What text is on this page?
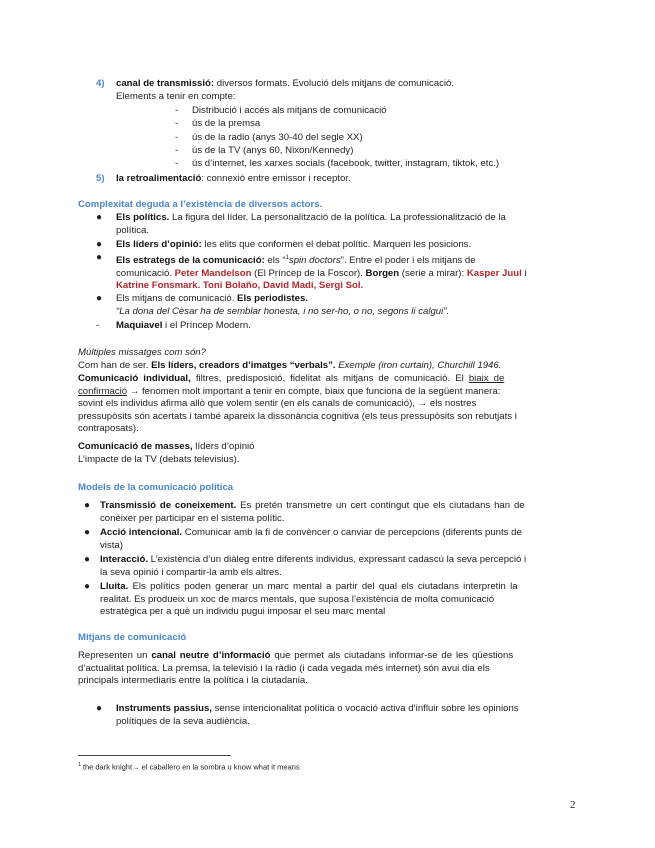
4) canal de transmissió: diversos formats. Evolució dels mitjans de comunicació.
Elements a tenir en compte:
- Distribució i accés als mitjans de comunicació
- ús de la premsa
- ús de la radio (anys 30-40 del segle XX)
- ús de la TV (anys 60, Nixon/Kennedy)
- ús d’internet, les xarxes socials (facebook, twitter, instagram, tiktok, etc.)
5) la retroalimentació: connexió entre emissor i receptor.
Complexitat deguda a l’existència de diversos actors.
● Els polítics. La figura del líder. La personalització de la política. La professionalització de la
política.
● Els líders d’opinió: les elits que conformen el debat polític. Marquen les posicions.
● Els estrategs de la comunicació: els “$^1$spin doctors”. Entre el poder i els mitjans de
comunicació. Peter Mandelson (El Príncep de la Foscor). Borgen (serie a mirar): Kasper Juul i
Katrine Fonsmark. Toni Bolaño, David Madí, Sergi Sol.
● Els mitjans de comunicació. Els periodistes.
“La dona del Cèsar ha de semblar honesta, i no ser-ho, o no, segons li calgui”.
- Maquiavel i el Príncep Modern.
Múltiples missatges com són?
Com han de ser. Els líders, creadors d’imatges “verbals”. Exemple (iron curtain), Churchill 1946.
Comunicació individual, filtres, predisposició, fidelitat als mitjans de comunicació. El biaix de
confirmació → fenomen molt important a tenir en compte, biaix que funciona de la següent manera:
sovint els individus afirma allò que volem sentir (en els canals de comunicació), → els nostres
pressupòsits són acertats i també apareix la dissonància cognitiva (els teus pressupòsits son rebutjats i
contraposats).
Comunicació de masses, líders d’opinió
L’impacte de la TV (debats televisius).
Models de la comunicació política
● Transmissió de coneixement. Es pretén transmetre un cert contingut que els ciutadans han de
conèixer per participar en el sistema polític.
● Acció intencional. Comunicar amb la fi de convèncer o canviar de percepcions (diferents punts de
vista)
● Interacció. L’existència d’un diàleg entre diferents individus, expressant cadascú la seva percepció i
la seva opinió i compartir-la amb els altres.
● Lluita. Els polítics poden generar un marc mental a partir del qual els ciutadans interpretin la
realitat. Es produeix un xoc de marcs mentals, que suposa l’existència de molta comunicació
estratègica per a què un individu pugui imposar el seu marc mental
Mitjans de comunicació
Representen un canal neutre d’informació que permet als ciutadans informar-se de les qüestions
d’actualitat política. La premsa, la televisió i la ràdio (i cada vegada més internet) són avui dia els
principals intermediaris entre la política i la ciutadania.
● Instruments passius, sense intencionalitat política o vocació activa d’influir sobre les opinions
polítiques de la seva audiència.
$^1$ the dark knight→ el caballero en la sombra u know what it means
2
